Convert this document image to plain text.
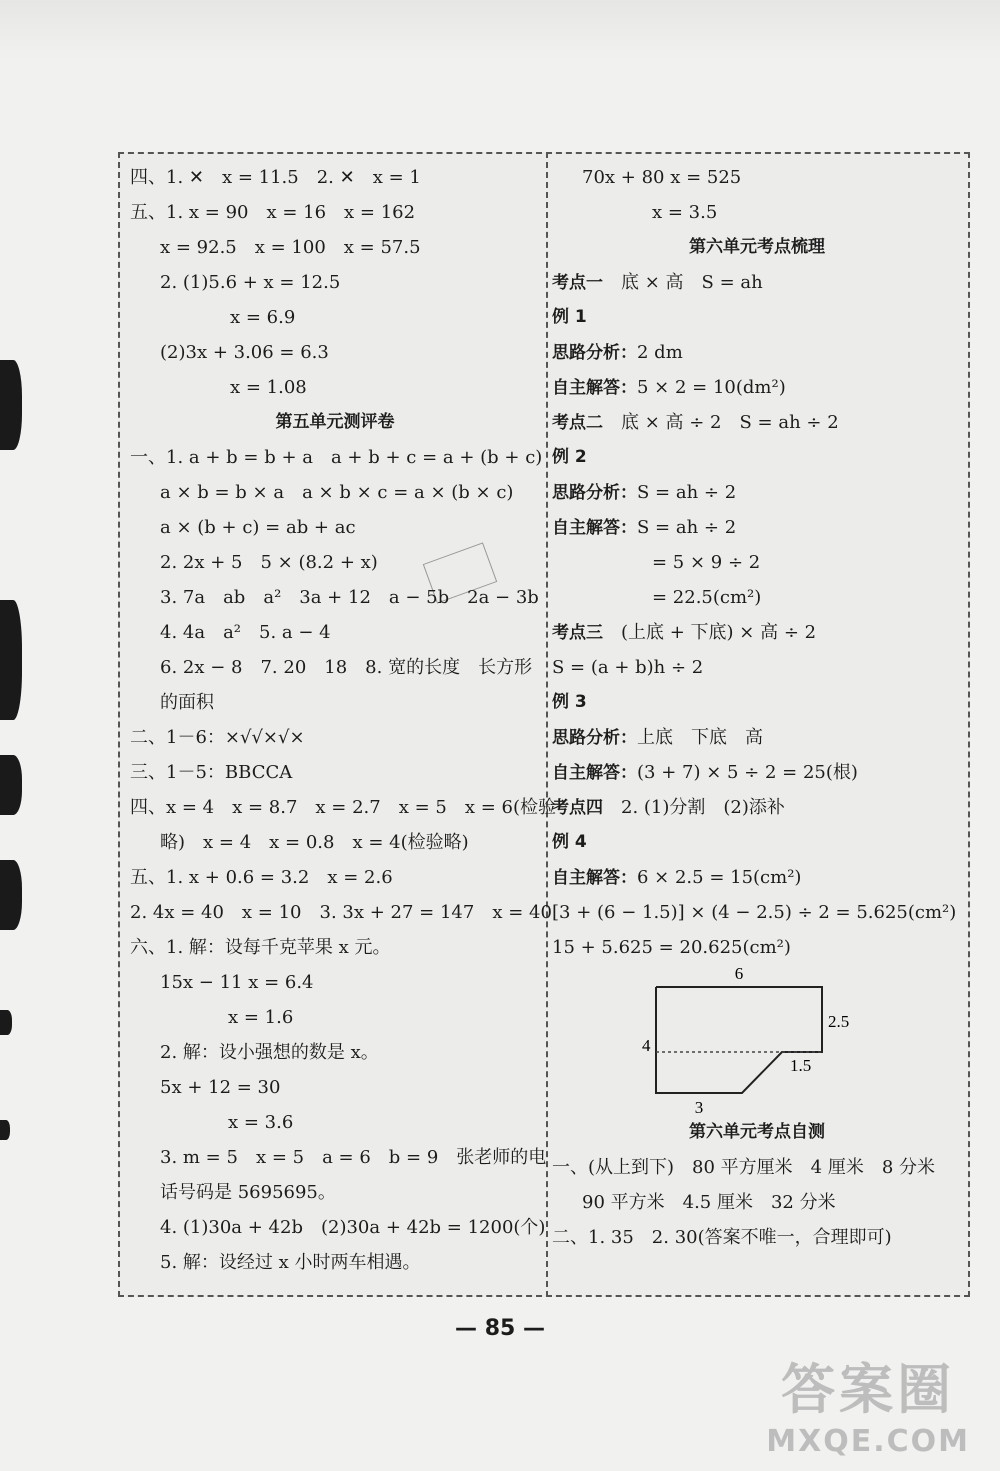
四、1. ✕　x = 11.5　2. ✕　x = 1
五、1. x = 90　x = 16　x = 162
x = 92.5　x = 100　x = 57.5
2. (1)5.6 + x = 12.5
x = 6.9
(2)3x + 3.06 = 6.3
x = 1.08
第五单元测评卷
一、1. a + b = b + a　a + b + c = a + (b + c)
a × b = b × a　a × b × c = a × (b × c)
a × (b + c) = ab + ac
2. 2x + 5　5 × (8.2 + x)
3. 7a　ab　a²　3a + 12　a − 5b　2a − 3b
4. 4a　a²　5. a − 4
6. 2x − 8　7. 20　18　8. 宽的长度　长方形
的面积
二、1－6：×√√×√×
三、1－5：BBCCA
四、x = 4　x = 8.7　x = 2.7　x = 5　x = 6(检验
略)　x = 4　x = 0.8　x = 4(检验略)
五、1. x + 0.6 = 3.2　x = 2.6
2. 4x = 40　x = 10　3. 3x + 27 = 147　x = 40
六、1. 解：设每千克苹果 x 元。
15x − 11 x = 6.4
x = 1.6
2. 解：设小强想的数是 x。
5x + 12 = 30
x = 3.6
3. m = 5　x = 5　a = 6　b = 9　张老师的电
话号码是 5695695。
4. (1)30a + 42b　(2)30a + 42b = 1200(个)
5. 解：设经过 x 小时两车相遇。
70x + 80 x = 525
x = 3.5
第六单元考点梳理
考点一　 底 × 高　S = ah
例 1
思路分析：2 dm
自主解答：5 × 2 = 10(dm²)
考点二　 底 × 高 ÷ 2　S = ah ÷ 2
例 2
思路分析：S = ah ÷ 2
自主解答：S = ah ÷ 2
= 5 × 9 ÷ 2
= 22.5(cm²)
考点三　 (上底 + 下底) × 高 ÷ 2
S = (a + b)h ÷ 2
例 3
思路分析：上底　下底　高
自主解答：(3 + 7) × 5 ÷ 2 = 25(根)
考点四　 2. (1)分割　(2)添补
例 4
自主解答：6 × 2.5 = 15(cm²)
[3 + (6 − 1.5)] × (4 − 2.5) ÷ 2 = 5.625(cm²)
15 + 5.625 = 20.625(cm²)
6
2.5
4
1.5
3
第六单元考点自测
一、(从上到下)　80 平方厘米　4 厘米　8 分米
90 平方米　4.5 厘米　32 分米
二、1. 35　2. 30(答案不唯一，合理即可)
— 85 —
答案圈
MXQE.COM
